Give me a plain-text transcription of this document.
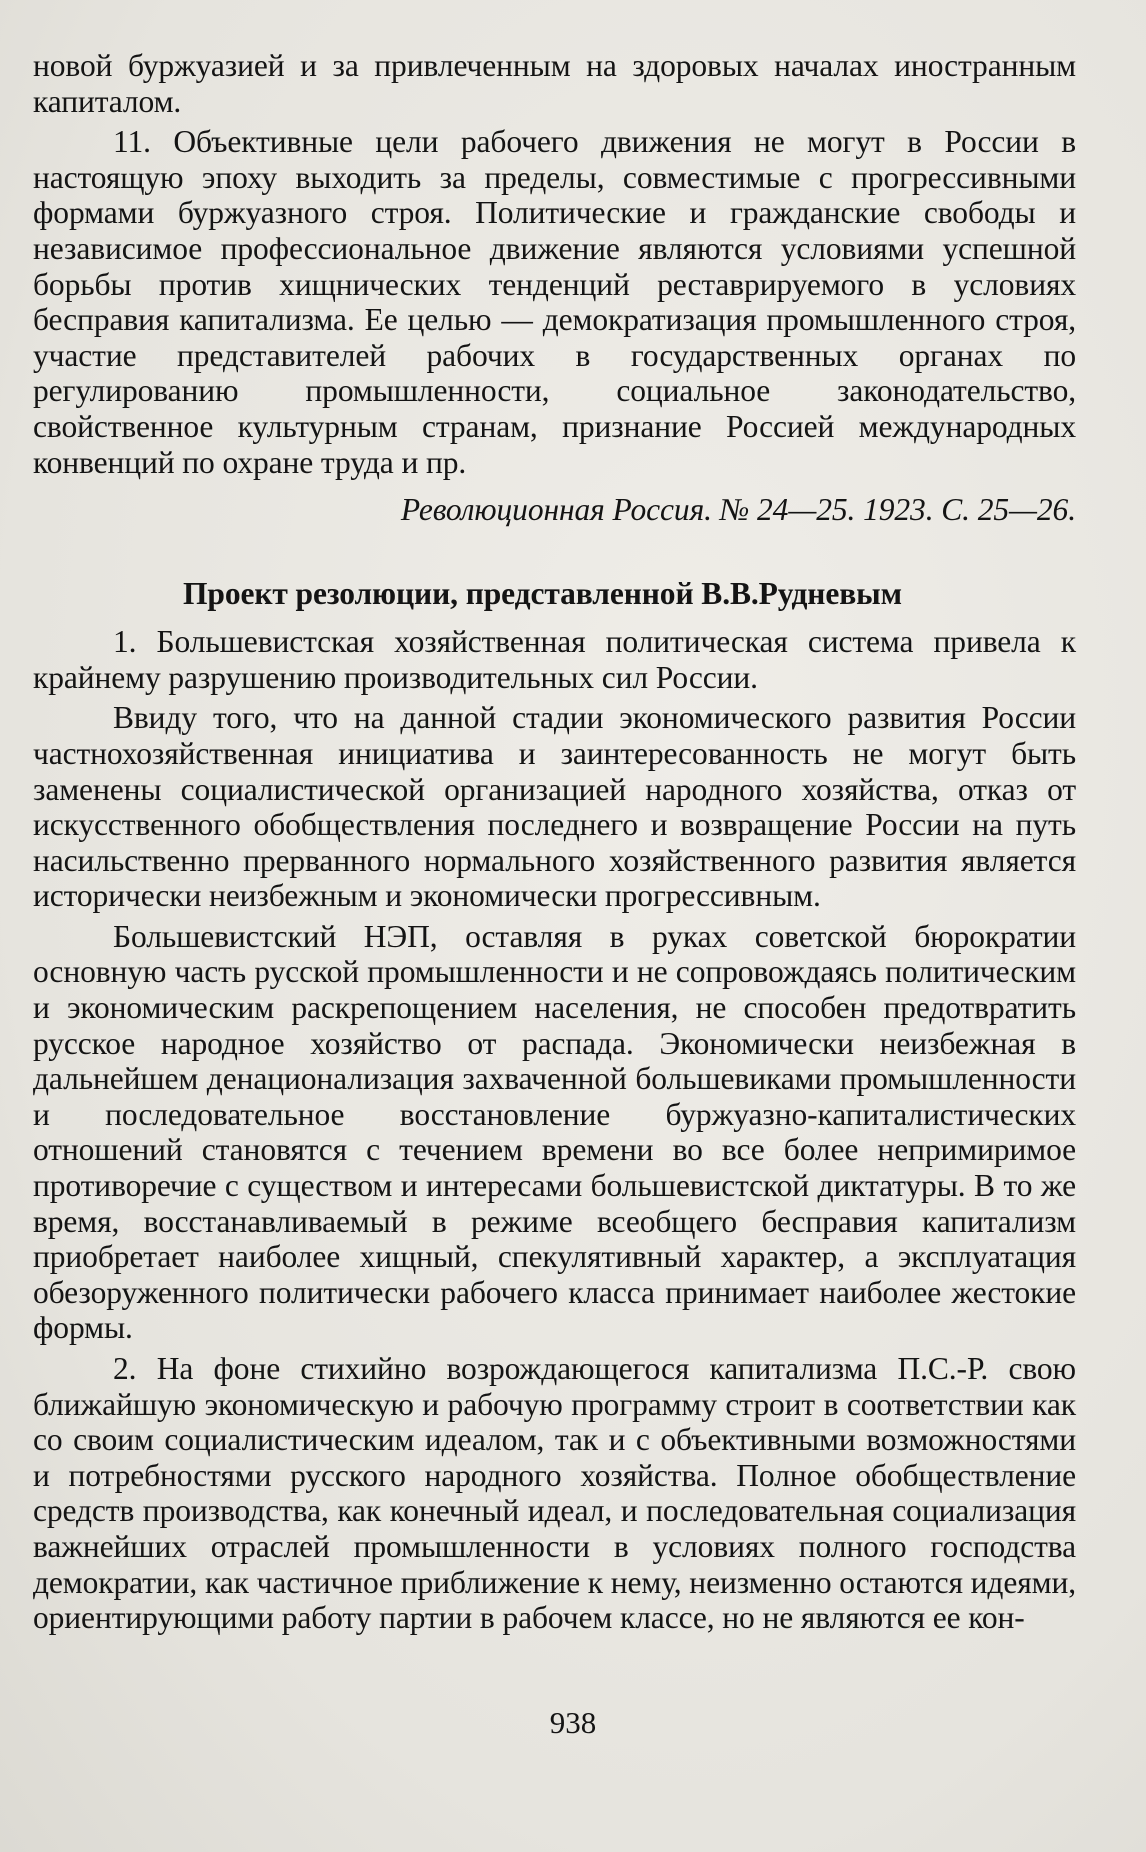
новой буржуазией и за привлеченным на здоровых началах иностранным капиталом.

11. Объективные цели рабочего движения не могут в России в настоящую эпоху выходить за пределы, совместимые с прогрессивными формами буржуазного строя. Политические и гражданские свободы и независимое профессиональное движение являются условиями успешной борьбы против хищнических тенденций реставрируемого в условиях бесправия капитализма. Ее целью — демократизация промышленного строя, участие представителей рабочих в государственных органах по регулированию промышленности, социальное законодательство, свойственное культурным странам, признание Россией международных конвенций по охране труда и пр.

Революционная Россия. № 24—25. 1923. С. 25—26.

Проект резолюции, представленной В.В.Рудневым

1. Большевистская хозяйственная политическая система привела к крайнему разрушению производительных сил России.

Ввиду того, что на данной стадии экономического развития России частнохозяйственная инициатива и заинтересованность не могут быть заменены социалистической организацией народного хозяйства, отказ от искусственного обобществления последнего и возвращение России на путь насильственно прерванного нормального хозяйственного развития является исторически неизбежным и экономически прогрессивным.

Большевистский НЭП, оставляя в руках советской бюрократии основную часть русской промышленности и не сопровождаясь политическим и экономическим раскрепощением населения, не способен предотвратить русское народное хозяйство от распада. Экономически неизбежная в дальнейшем денационализация захваченной большевиками промышленности и последовательное восстановление буржуазно-капиталистических отношений становятся с течением времени во все более непримиримое противоречие с существом и интересами большевистской диктатуры. В то же время, восстанавливаемый в режиме всеобщего бесправия капитализм приобретает наиболее хищный, спекулятивный характер, а эксплуатация обезоруженного политически рабочего класса принимает наиболее жестокие формы.

2. На фоне стихийно возрождающегося капитализма П.С.-Р. свою ближайшую экономическую и рабочую программу строит в соответствии как со своим социалистическим идеалом, так и с объективными возможностями и потребностями русского народного хозяйства. Полное обобществление средств производства, как конечный идеал, и последовательная социализация важнейших отраслей промышленности в условиях полного господства демократии, как частичное приближение к нему, неизменно остаются идеями, ориентирующими работу партии в рабочем классе, но не являются ее кон-

938
